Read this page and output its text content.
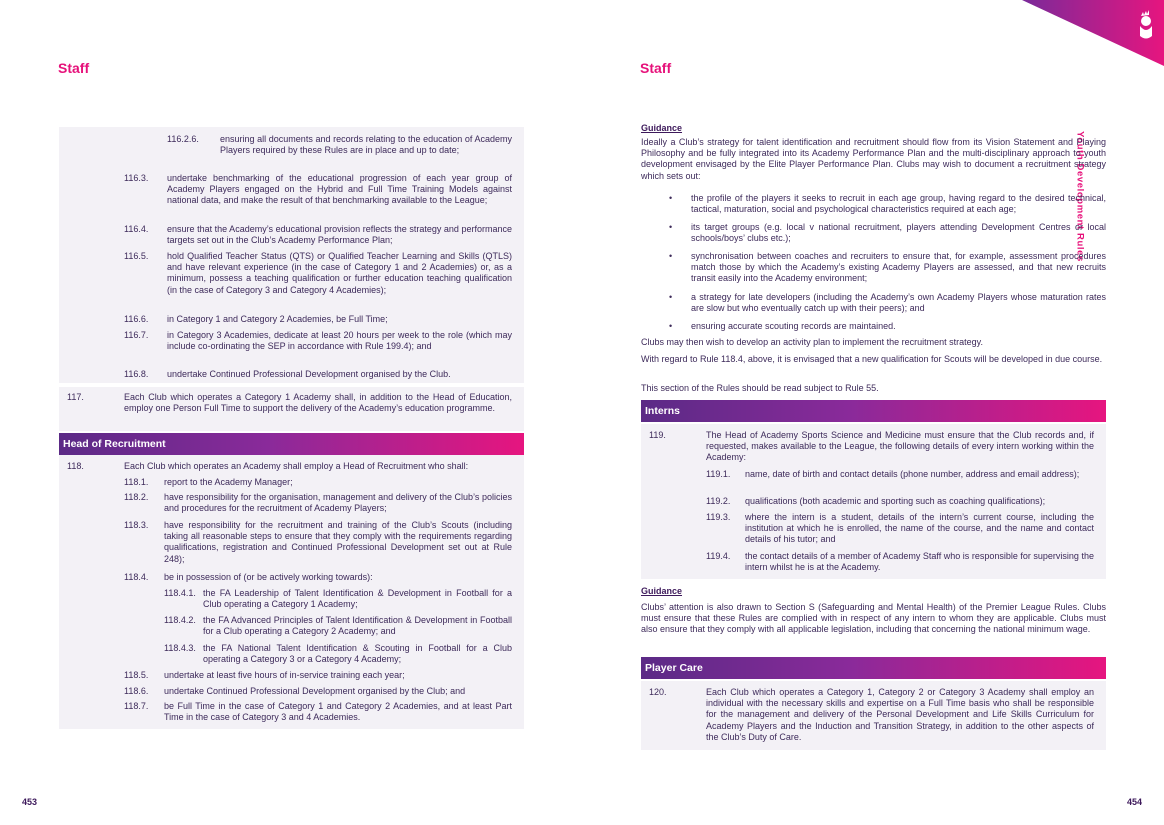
Staff
116.2.6. ensuring all documents and records relating to the education of Academy Players required by these Rules are in place and up to date;
116.3. undertake benchmarking of the educational progression of each year group of Academy Players engaged on the Hybrid and Full Time Training Models against national data, and make the result of that benchmarking available to the League;
116.4. ensure that the Academy’s educational provision reflects the strategy and performance targets set out in the Club’s Academy Performance Plan;
116.5. hold Qualified Teacher Status (QTS) or Qualified Teacher Learning and Skills (QTLS) and have relevant experience (in the case of Category 1 and 2 Academies) or, as a minimum, possess a teaching qualification or further education teaching qualification (in the case of Category 3 and Category 4 Academies);
116.6. in Category 1 and Category 2 Academies, be Full Time;
116.7. in Category 3 Academies, dedicate at least 20 hours per week to the role (which may include co-ordinating the SEP in accordance with Rule 199.4); and
116.8. undertake Continued Professional Development organised by the Club.
117.	Each Club which operates a Category 1 Academy shall, in addition to the Head of Education, employ one Person Full Time to support the delivery of the Academy’s education programme.
Head of Recruitment
118.	Each Club which operates an Academy shall employ a Head of Recruitment who shall:
118.1. report to the Academy Manager;
118.2. have responsibility for the organisation, management and delivery of the Club’s policies and procedures for the recruitment of Academy Players;
118.3. have responsibility for the recruitment and training of the Club’s Scouts (including taking all reasonable steps to ensure that they comply with the requirements regarding qualifications, registration and Continued Professional Development set out at Rule 248);
118.4. be in possession of (or be actively working towards):
118.4.1. the FA Leadership of Talent Identification & Development in Football for a Club operating a Category 1 Academy;
118.4.2. the FA Advanced Principles of Talent Identification & Development in Football for a Club operating a Category 2 Academy; and
118.4.3. the FA National Talent Identification & Scouting in Football for a Club operating a Category 3 or a Category 4 Academy;
118.5. undertake at least five hours of in-service training each year;
118.6. undertake Continued Professional Development organised by the Club; and
118.7. be Full Time in the case of Category 1 and Category 2 Academies, and at least Part Time in the case of Category 3 and 4 Academies.
453
Staff
Youth Development Rules
Guidance
Ideally a Club’s strategy for talent identification and recruitment should flow from its Vision Statement and Playing Philosophy and be fully integrated into its Academy Performance Plan and the multi-disciplinary approach to youth development envisaged by the Elite Player Performance Plan. Clubs may wish to document a recruitment strategy which sets out:
• the profile of the players it seeks to recruit in each age group, having regard to the desired technical, tactical, maturation, social and psychological characteristics required at each age;
• its target groups (e.g. local v national recruitment, players attending Development Centres or local schools/boys’ clubs etc.);
• synchronisation between coaches and recruiters to ensure that, for example, assessment procedures match those by which the Academy’s existing Academy Players are assessed, and that new recruits transit easily into the Academy environment;
• a strategy for late developers (including the Academy’s own Academy Players whose maturation rates are slow but who eventually catch up with their peers); and
• ensuring accurate scouting records are maintained.
Clubs may then wish to develop an activity plan to implement the recruitment strategy.
With regard to Rule 118.4, above, it is envisaged that a new qualification for Scouts will be developed in due course.
This section of the Rules should be read subject to Rule 55.
Interns
119.	The Head of Academy Sports Science and Medicine must ensure that the Club records and, if requested, makes available to the League, the following details of every intern working within the Academy:
119.1. name, date of birth and contact details (phone number, address and email address);
119.2. qualifications (both academic and sporting such as coaching qualifications);
119.3. where the intern is a student, details of the intern’s current course, including the institution at which he is enrolled, the name of the course, and the name and contact details of his tutor; and
119.4. the contact details of a member of Academy Staff who is responsible for supervising the intern whilst he is at the Academy.
Guidance
Clubs’ attention is also drawn to Section S (Safeguarding and Mental Health) of the Premier League Rules. Clubs must ensure that these Rules are complied with in respect of any intern to whom they are applicable. Clubs must also ensure that they comply with all applicable legislation, including that concerning the national minimum wage.
Player Care
120.	Each Club which operates a Category 1, Category 2 or Category 3 Academy shall employ an individual with the necessary skills and expertise on a Full Time basis who shall be responsible for the management and delivery of the Personal Development and Life Skills Curriculum for Academy Players and the Induction and Transition Strategy, in addition to the other aspects of the Club’s Duty of Care.
454
